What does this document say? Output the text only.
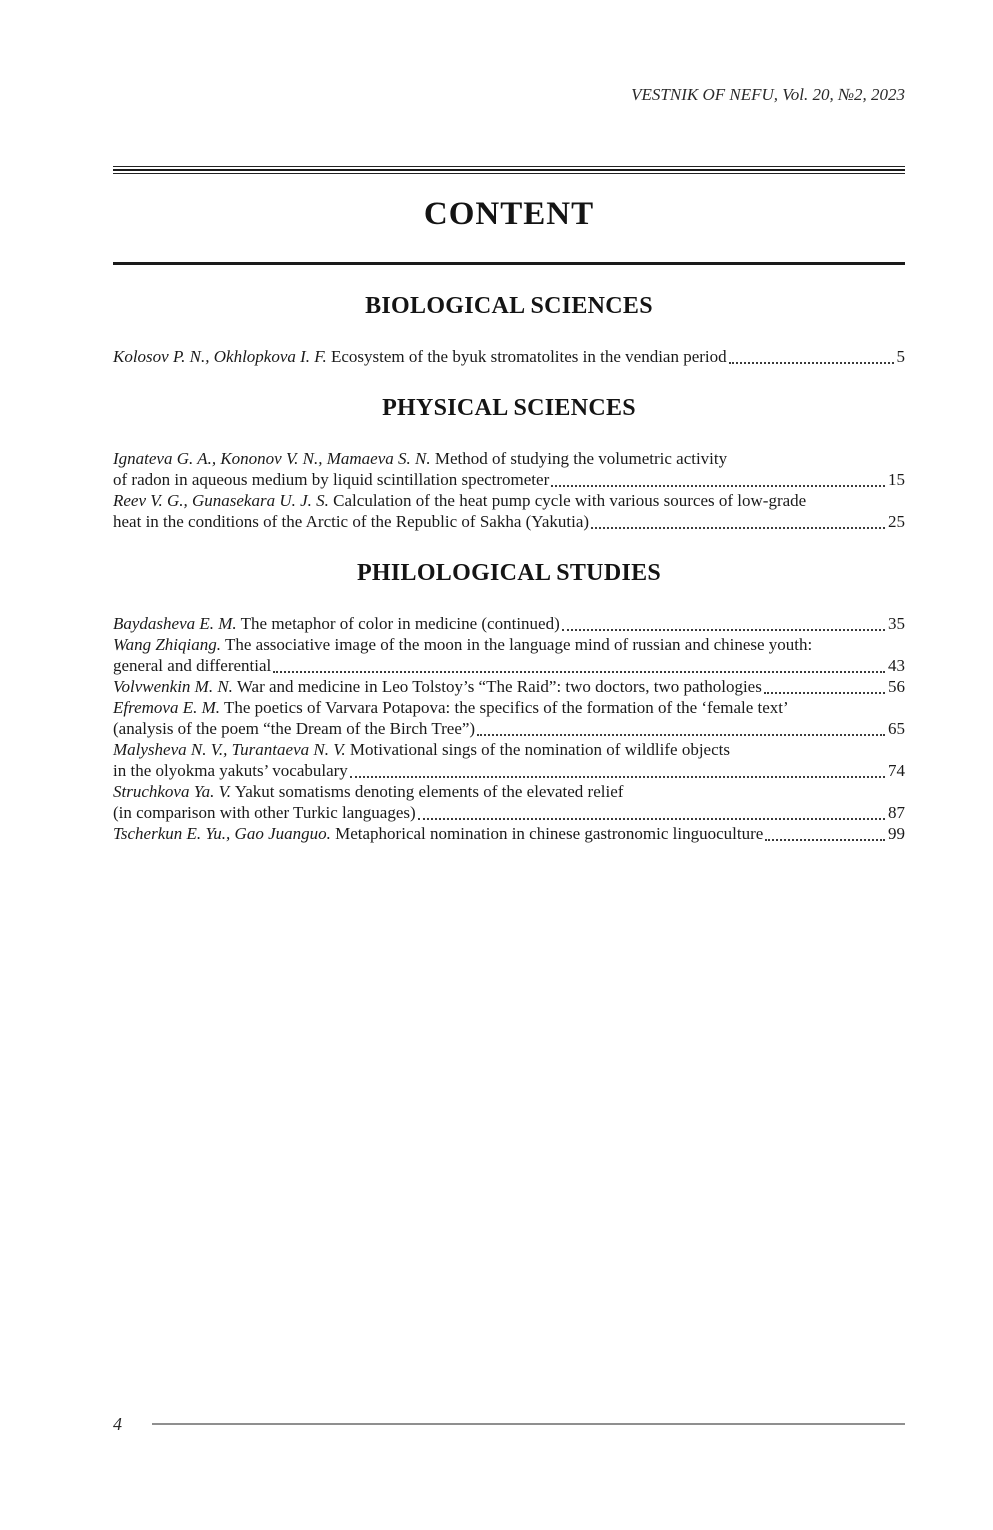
VESTNIK OF NEFU, Vol. 20, №2, 2023
CONTENT
BIOLOGICAL SCIENCES
Kolosov P. N., Okhlopkova I. F. Ecosystem of the byuk stromatolites in the vendian period	5
PHYSICAL SCIENCES
Ignateva G. A., Kononov V. N., Mamaeva S. N. Method of studying the volumetric activity
of radon in aqueous medium by liquid scintillation spectrometer	15
Reev V. G., Gunasekara U. J. S. Calculation of the heat pump cycle with various sources of low-grade
heat in the conditions of the Arctic of the Republic of Sakha (Yakutia)	25
PHILOLOGICAL STUDIES
Baydasheva E. M. The metaphor of color in medicine (continued)	35
Wang Zhiqiang. The associative image of the moon in the language mind of russian and chinese youth:
general and differential	43
Volvwenkin M. N. War and medicine in Leo Tolstoy’s “The Raid”: two doctors, two pathologies	56
Efremova E. M. The poetics of Varvara Potapova: the specifics of the formation of the ‘female text’
(analysis of the poem “the Dream of the Birch Tree”)	65
Malysheva N. V., Turantaeva N. V. Motivational sings of the nomination of wildlife objects
in the olyokma yakuts’ vocabulary	74
Struchkova Ya. V. Yakut somatisms denoting elements of the elevated relief
(in comparison with other Turkic languages)	87
Tscherkun E. Yu., Gao Juanguo. Metaphorical nomination in chinese gastronomic linguoculture	99
4
